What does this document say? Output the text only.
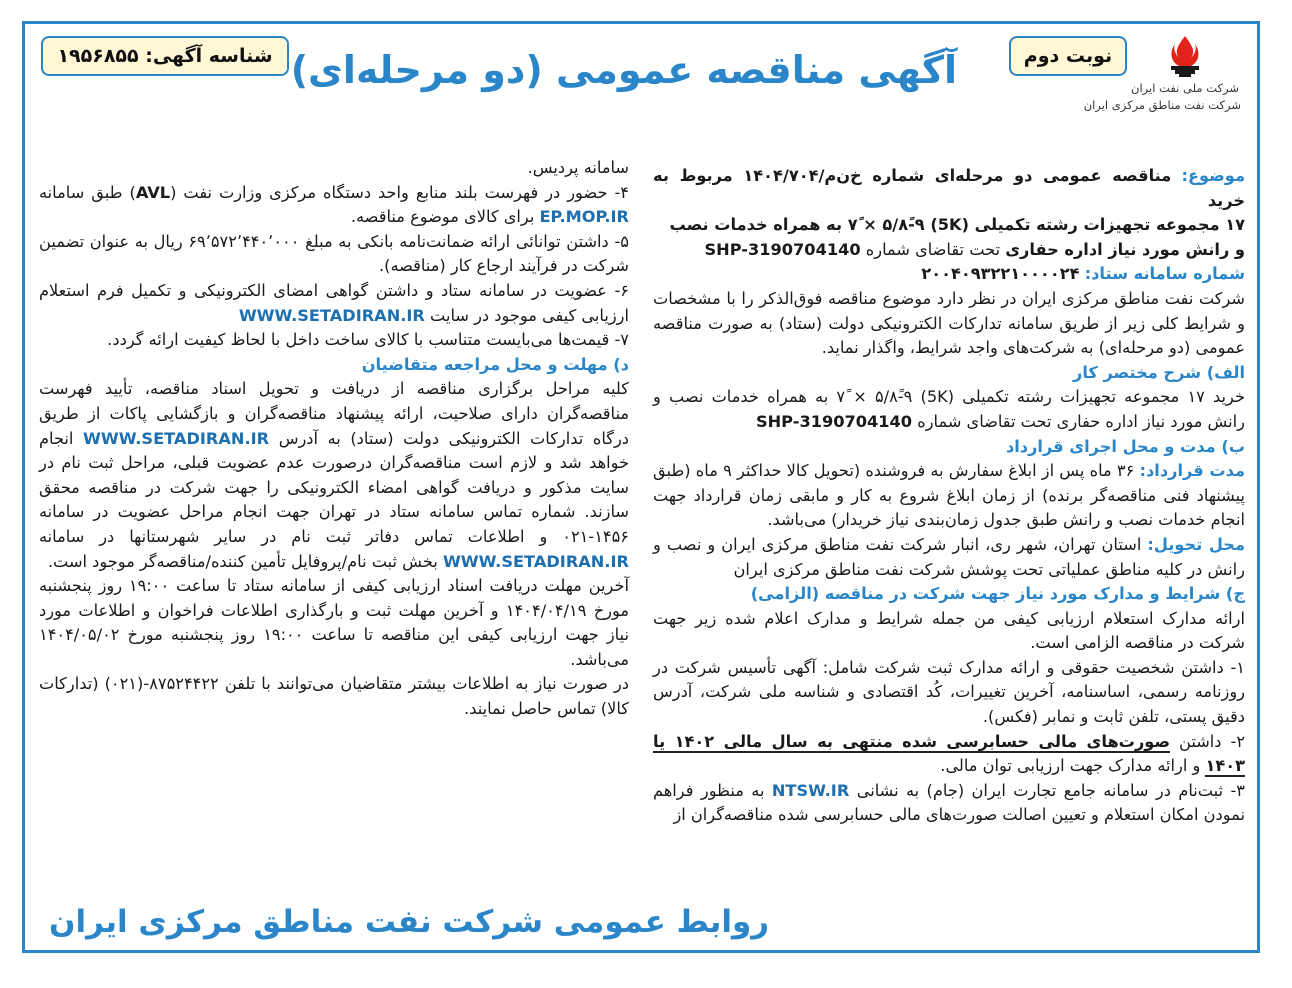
شرکت ملی نفت ایران
شرکت نفت مناطق مرکزی ایران
نوبت دوم
آگهی مناقصه عمومی (دو مرحله‌ای)
شناسه آگهی: ۱۹۵۶۸۵۵

موضوع: مناقصه عمومی دو مرحله‌ای شماره خ‌ن‌م/۱۴۰۴/۷۰۴ مربوط به خرید

۱۷ مجموعه تجهیزات رشته تکمیلی (5K) ۷ً × ۵/۸ً-۹ به همراه خدمات نصب

و رانش مورد نیاز اداره حفاری تحت تقاضای شماره SHP-3190704140

شماره سامانه ستاد: ۲۰۰۴۰۹۳۲۲۱۰۰۰۰۲۴

شرکت نفت مناطق مرکزی ایران در نظر دارد موضوع مناقصه فوق‌الذکر را با مشخصات و شرایط کلی زیر از طریق سامانه تدارکات الکترونیکی دولت (ستاد) به صورت مناقصه عمومی (دو مرحله‌ای) به شرکت‌های واجد شرایط، واگذار نماید.

الف) شرح مختصر کار

خرید ۱۷ مجموعه تجهیزات رشته تکمیلی (5K) ۷ً × ۵/۸ً-۹ به همراه خدمات نصب و رانش مورد نیاز اداره حفاری تحت تقاضای شماره SHP-3190704140

ب) مدت و محل اجرای قرارداد

مدت قرارداد: ۳۶ ماه پس از ابلاغ سفارش به فروشنده (تحویل کالا حداکثر ۹ ماه (طبق پیشنهاد فنی مناقصه‌گر برنده) از زمان ابلاغ شروع به کار و مابقی زمان قرارداد جهت انجام خدمات نصب و رانش طبق جدول زمان‌بندی نیاز خریدار) می‌باشد.

محل تحویل: استان تهران، شهر ری، انبار شرکت نفت مناطق مرکزی ایران و نصب و رانش در کلیه مناطق عملیاتی تحت پوشش شرکت نفت مناطق مرکزی ایران

ج) شرایط و مدارک مورد نیاز جهت شرکت در مناقصه (الزامی)

ارائه مدارک استعلام ارزیابی کیفی من جمله شرایط و مدارک اعلام شده زیر جهت شرکت در مناقصه الزامی است.

۱- داشتن شخصیت حقوقی و ارائه مدارک ثبت شرکت شامل: آگهی تأسیس شرکت در روزنامه رسمی، اساسنامه، آخرین تغییرات، کُد اقتصادی و شناسه ملی شرکت، آدرس دقیق پستی، تلفن ثابت و نمابر (فکس).

۲- داشتن صورت‌های مالی حسابرسی شده منتهی به سال مالی ۱۴۰۲ یا ۱۴۰۳ و ارائه مدارک جهت ارزیابی توان مالی.

۳- ثبت‌نام در سامانه جامع تجارت ایران (جام) به نشانی NTSW.IR به منظور فراهم نمودن امکان استعلام و تعیین اصالت صورت‌های مالی حسابرسی شده مناقصه‌گران از

سامانه پردیس.

۴- حضور در فهرست بلند منابع واحد دستگاه مرکزی وزارت نفت (AVL) طبق سامانه EP.MOP.IR برای کالای موضوع مناقصه.

۵- داشتن توانائی ارائه ضمانت‌نامه بانکی به مبلغ ۶۹٬۵۷۲٬۴۴۰٬۰۰۰ ریال به عنوان تضمین شرکت در فرآیند ارجاع کار (مناقصه).

۶- عضویت در سامانه ستاد و داشتن گواهی امضای الکترونیکی و تکمیل فرم استعلام ارزیابی کیفی موجود در سایت WWW.SETADIRAN.IR

۷- قیمت‌ها می‌بایست متناسب با کالای ساخت داخل با لحاظ کیفیت ارائه گردد.

د) مهلت و محل مراجعه متقاضیان

کلیه مراحل برگزاری مناقصه از دریافت و تحویل اسناد مناقصه، تأیید فهرست مناقصه‌گران دارای صلاحیت، ارائه پیشنهاد مناقصه‌گران و بازگشایی پاکات از طریق درگاه تدارکات الکترونیکی دولت (ستاد) به آدرس WWW.SETADIRAN.IR انجام خواهد شد و لازم است مناقصه‌گران درصورت عدم عضویت قبلی، مراحل ثبت نام در سایت مذکور و دریافت گواهی امضاء الکترونیکی را جهت شرکت در مناقصه محقق سازند. شماره تماس سامانه ستاد در تهران جهت انجام مراحل عضویت در سامانه ۱۴۵۶-۰۲۱ و اطلاعات تماس دفاتر ثبت نام در سایر شهرستانها در سامانه WWW.SETADIRAN.IR بخش ثبت نام/پروفایل تأمین کننده/مناقصه‌گر موجود است.

آخرین مهلت دریافت اسناد ارزیابی کیفی از سامانه ستاد تا ساعت ۱۹:۰۰ روز پنجشنبه مورخ ۱۴۰۴/۰۴/۱۹ و آخرین مهلت ثبت و بارگذاری اطلاعات فراخوان و اطلاعات مورد نیاز جهت ارزیابی کیفی این مناقصه تا ساعت ۱۹:۰۰ روز پنجشنبه مورخ ۱۴۰۴/۰۵/۰۲ می‌باشد.

در صورت نیاز به اطلاعات بیشتر متقاضیان می‌توانند با تلفن ۸۷۵۲۴۴۲۲-(۰۲۱) (تدارکات کالا) تماس حاصل نمایند.

روابط عمومی شرکت نفت مناطق مرکزی ایران
